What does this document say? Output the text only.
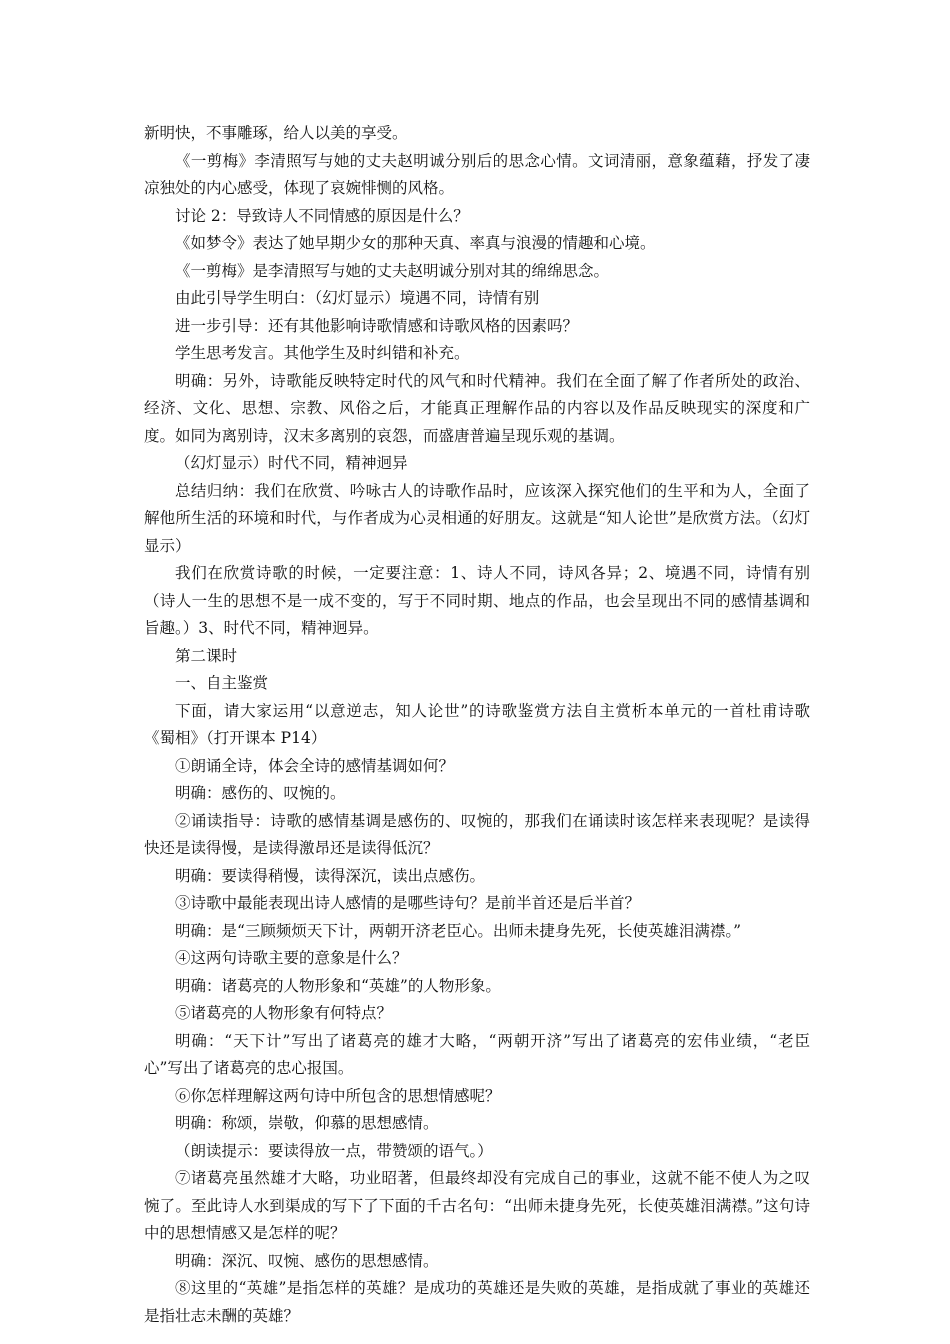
新明快，不事雕琢，给人以美的享受。

《一剪梅》李清照写与她的丈夫赵明诚分别后的思念心情。文词清丽，意象蕴藉，抒发了凄凉独处的内心感受，体现了哀婉悱恻的风格。

讨论 2：导致诗人不同情感的原因是什么？

《如梦令》表达了她早期少女的那种天真、率真与浪漫的情趣和心境。

《一剪梅》是李清照写与她的丈夫赵明诚分别对其的绵绵思念。

由此引导学生明白：（幻灯显示）境遇不同，诗情有别

进一步引导：还有其他影响诗歌情感和诗歌风格的因素吗？

学生思考发言。其他学生及时纠错和补充。

明确：另外，诗歌能反映特定时代的风气和时代精神。我们在全面了解了作者所处的政治、经济、文化、思想、宗教、风俗之后，才能真正理解作品的内容以及作品反映现实的深度和广度。如同为离别诗，汉末多离别的哀怨，而盛唐普遍呈现乐观的基调。

（幻灯显示）时代不同，精神迥异

总结归纳：我们在欣赏、吟咏古人的诗歌作品时，应该深入探究他们的生平和为人，全面了解他所生活的环境和时代，与作者成为心灵相通的好朋友。这就是“知人论世”是欣赏方法。（幻灯显示）

我们在欣赏诗歌的时候，一定要注意：1、诗人不同，诗风各异；2、境遇不同，诗情有别（诗人一生的思想不是一成不变的，写于不同时期、地点的作品，也会呈现出不同的感情基调和旨趣。）3、时代不同，精神迥异。

第二课时

一、自主鉴赏

下面，请大家运用“以意逆志，知人论世”的诗歌鉴赏方法自主赏析本单元的一首杜甫诗歌《蜀相》（打开课本 P14）

①朗诵全诗，体会全诗的感情基调如何？

明确：感伤的、叹惋的。

②诵读指导：诗歌的感情基调是感伤的、叹惋的，那我们在诵读时该怎样来表现呢？是读得快还是读得慢，是读得激昂还是读得低沉？

明确：要读得稍慢，读得深沉，读出点感伤。

③诗歌中最能表现出诗人感情的是哪些诗句？是前半首还是后半首？

明确：是“三顾频烦天下计，两朝开济老臣心。出师未捷身先死，长使英雄泪满襟。”

④这两句诗歌主要的意象是什么？

明确：诸葛亮的人物形象和“英雄”的人物形象。

⑤诸葛亮的人物形象有何特点？

明确：“天下计”写出了诸葛亮的雄才大略，“两朝开济”写出了诸葛亮的宏伟业绩，“老臣心”写出了诸葛亮的忠心报国。

⑥你怎样理解这两句诗中所包含的思想情感呢？

明确：称颂，崇敬，仰慕的思想感情。

（朗读提示：要读得放一点，带赞颂的语气。）

⑦诸葛亮虽然雄才大略，功业昭著，但最终却没有完成自己的事业，这就不能不使人为之叹惋了。至此诗人水到渠成的写下了下面的千古名句：“出师未捷身先死，长使英雄泪满襟。”这句诗中的思想情感又是怎样的呢？

明确：深沉、叹惋、感伤的思想感情。

⑧这里的“英雄”是指怎样的英雄？是成功的英雄还是失败的英雄，是指成就了事业的英雄还是指壮志未酬的英雄？
